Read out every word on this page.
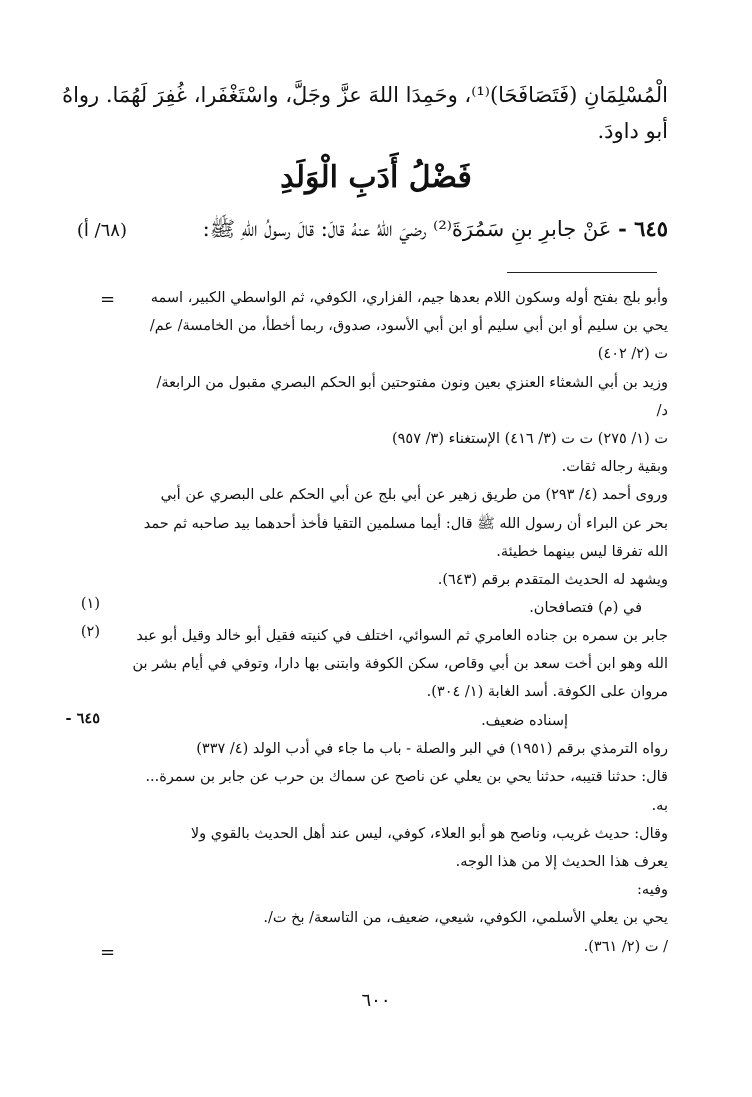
الْمُسْلِمَانِ (فَتَصَافَحَا)⁽¹⁾، وحَمِدَا اللهَ عزَّ وجَلَّ، واسْتَغْفَرا، غُفِرَ لَهُمَا. رواهُ
أبو داودَ.
فَضْلُ أَدَبِ الْوَلَدِ
(٦٨/ أ)	٦٤٥ - عَنْ جابرِ بنِ سَمُرَةَ⁽²⁾ رضيَ اللهُ عنهُ قالَ: قالَ رسولُ اللهِ ﷺ:
=	وأبو بلج بفتح أوله وسكون اللام بعدها جيم، الفزاري، الكوفي، ثم الواسطي الكبير، اسمه
يحي بن سليم أو ابن أبي سليم أو ابن أبي الأسود، صدوق، ربما أخطأ، من الخامسة/ عم/
ت (٢/ ٤٠٢)
وزيد بن أبي الشعثاء العنزي بعين ونون مفتوحتين أبو الحكم البصري مقبول من الرابعة/
د/
ت (١/ ٢٧٥) ت ت (٣/ ٤١٦) الإستغناء (٣/ ٩٥٧)
وبقية رجاله ثقات.
وروى أحمد (٤/ ٢٩٣) من طريق زهير عن أبي بلج عن أبي الحكم على البصري عن أبي
بحر عن البراء أن رسول الله ﷺ قال: أيما مسلمين التقيا فأخذ أحدهما بيد صاحبه ثم حمد
الله تفرقا ليس بينهما خطيئة.
ويشهد له الحديث المتقدم برقم (٦٤٣).
(١)	في (م) فتصافحان.
(٢)	جابر بن سمره بن جناده العامري ثم السوائي، اختلف في كنيته فقيل أبو خالد وقيل أبو عبد
الله وهو ابن أخت سعد بن أبي وقاص، سكن الكوفة وابتنى بها دارا، وتوفي في أيام بشر بن
مروان على الكوفة. أسد الغابة (١/ ٣٠٤).
٦٤٥ -	إسناده ضعيف.
رواه الترمذي برقم (١٩٥١) في البر والصلة - باب ما جاء في أدب الولد (٤/ ٣٣٧)
قال: حدثنا قتيبه، حدثنا يحي بن يعلي عن ناصح عن سماك بن حرب عن جابر بن سمرة...
به.
وقال: حديث غريب، وناصح هو أبو العلاء، كوفي، ليس عند أهل الحديث بالقوي ولا
يعرف هذا الحديث إلا من هذا الوجه.
وفيه:
يحي بن يعلي الأسلمي، الكوفي، شيعي، ضعيف، من التاسعة/ بخ ت/.
/ ت (٢/ ٣٦١).
=
٦٠٠
